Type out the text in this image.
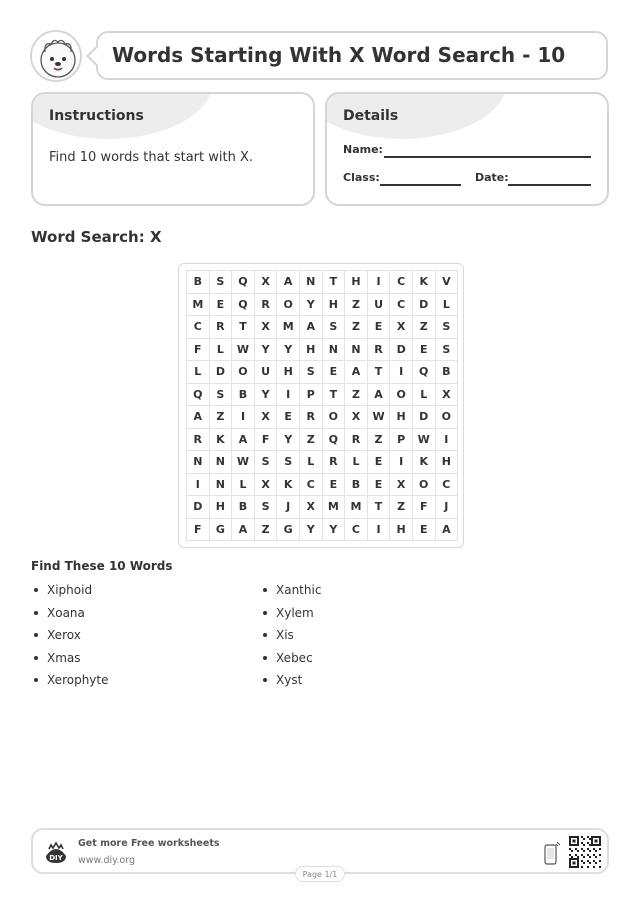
Words Starting With X Word Search - 10
Instructions
Find 10 words that start with X.
Details
Name:
Class:	Date:
Word Search: X
B	S	Q	X	A	N	T	H	I	C	K	V
M	E	Q	R	O	Y	H	Z	U	C	D	L
C	R	T	X	M	A	S	Z	E	X	Z	S
F	L	W	Y	Y	H	N	N	R	D	E	S
L	D	O	U	H	S	E	A	T	I	Q	B
Q	S	B	Y	I	P	T	Z	A	O	L	X
A	Z	I	X	E	R	O	X	W	H	D	O
R	K	A	F	Y	Z	Q	R	Z	P	W	I
N	N	W	S	S	L	R	L	E	I	K	H
I	N	L	X	K	C	E	B	E	X	O	C
D	H	B	S	J	X	M	M	T	Z	F	J
F	G	A	Z	G	Y	Y	C	I	H	E	A
Find These 10 Words
Xiphoid
Xoana
Xerox
Xmas
Xerophyte
Xanthic
Xylem
Xis
Xebec
Xyst
DIY
Get more Free worksheets
www.diy.org
Page 1/1
